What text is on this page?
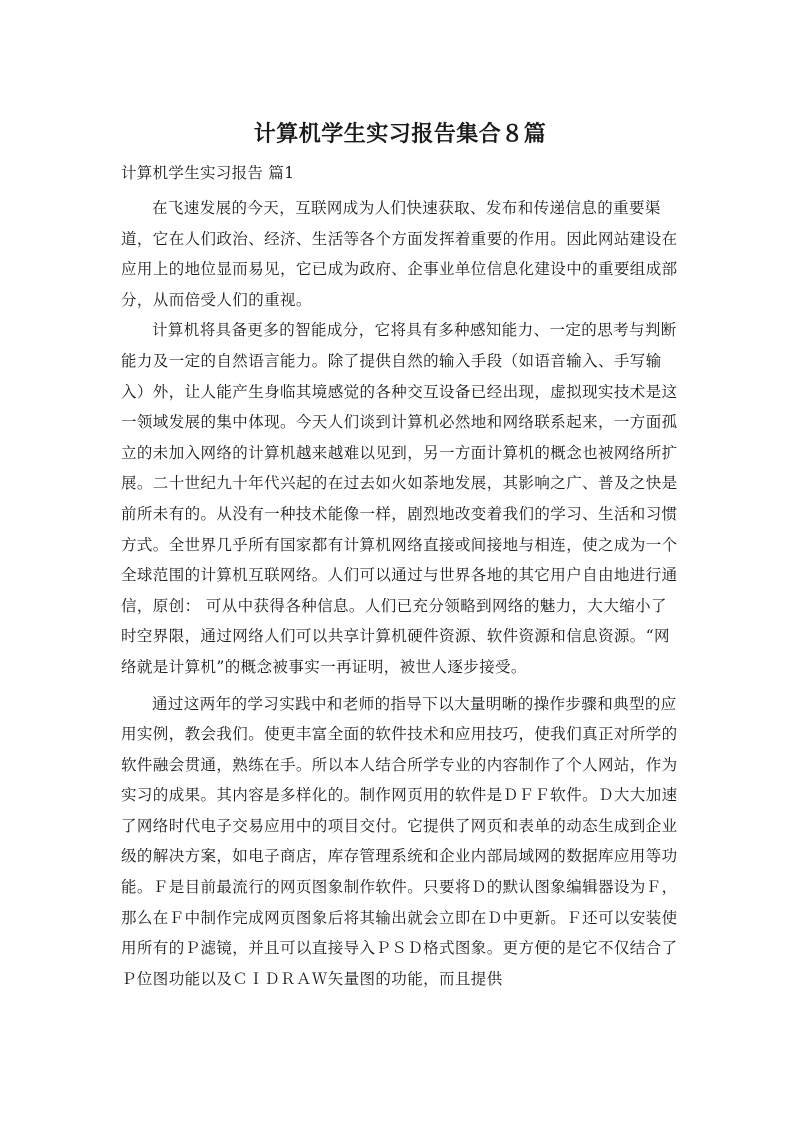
计算机学生实习报告集合８篇
计算机学生实习报告 篇1

在飞速发展的今天，互联网成为人们快速获取、发布和传递信息的重要渠道，它在人们政治、经济、生活等各个方面发挥着重要的作用。因此网站建设在应用上的地位显而易见，它已成为政府、企事业单位信息化建设中的重要组成部分，从而倍受人们的重视。

计算机将具备更多的智能成分，它将具有多种感知能力、一定的思考与判断能力及一定的自然语言能力。除了提供自然的输入手段（如语音输入、手写输入）外，让人能产生身临其境感觉的各种交互设备已经出现，虚拟现实技术是这一领域发展的集中体现。今天人们谈到计算机必然地和网络联系起来，一方面孤立的未加入网络的计算机越来越难以见到，另一方面计算机的概念也被网络所扩展。二十世纪九十年代兴起的在过去如火如荼地发展，其影响之广、普及之快是前所未有的。从没有一种技术能像一样，剧烈地改变着我们的学习、生活和习惯方式。全世界几乎所有国家都有计算机网络直接或间接地与相连，使之成为一个全球范围的计算机互联网络。人们可以通过与世界各地的其它用户自由地进行通信，原创： 可从中获得各种信息。人们已充分领略到网络的魅力，大大缩小了时空界限，通过网络人们可以共享计算机硬件资源、软件资源和信息资源。“网络就是计算机”的概念被事实一再证明，被世人逐步接受。

通过这两年的学习实践中和老师的指导下以大量明晰的操作步骤和典型的应用实例，教会我们。使更丰富全面的软件技术和应用技巧，使我们真正对所学的软件融会贯通，熟练在手。所以本人结合所学专业的内容制作了个人网站，作为实习的成果。其内容是多样化的。制作网页用的软件是ＤＦＦ软件。Ｄ大大加速了网络时代电子交易应用中的项目交付。它提供了网页和表单的动态生成到企业级的解决方案，如电子商店，库存管理系统和企业内部局域网的数据库应用等功能。Ｆ是目前最流行的网页图象制作软件。只要将Ｄ的默认图象编辑器设为Ｆ，那么在Ｆ中制作完成网页图象后将其输出就会立即在Ｄ中更新。Ｆ还可以安装使用所有的Ｐ滤镜，并且可以直接导入ＰＳＤ格式图象。更方便的是它不仅结合了Ｐ位图功能以及ＣＩＤＲＡＷ矢量图的功能，而且提供
